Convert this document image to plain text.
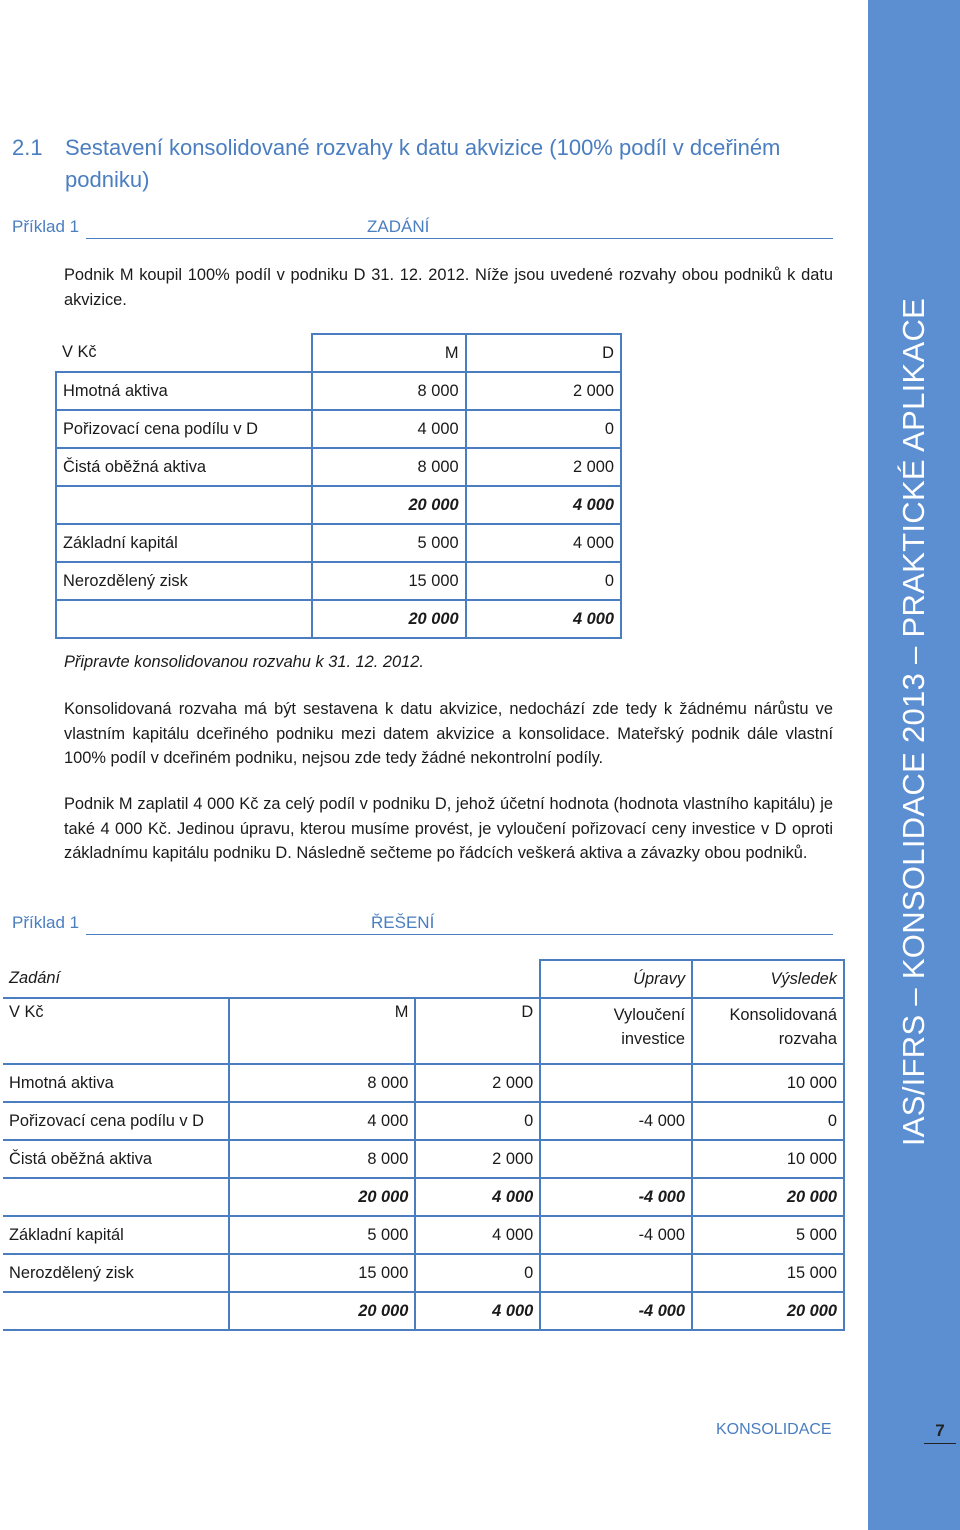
IAS/IFRS – KONSOLIDACE 2013 – PRAKTICKÉ APLIKACE
2.1 Sestavení konsolidované rozvahy k datu akvizice (100% podíl v dceřiném podniku)
Příklad 1	ZADÁNÍ
Podnik M koupil 100% podíl v podniku D 31. 12. 2012. Níže jsou uvedené rozvahy obou podniků k datu akvizice.
V Kč	M	D
Hmotná aktiva	8 000	2 000
Pořizovací cena podílu v D	4 000	0
Čistá oběžná aktiva	8 000	2 000
	20 000	4 000
Základní kapitál	5 000	4 000
Nerozdělený zisk	15 000	0
	20 000	4 000
Připravte konsolidovanou rozvahu k 31. 12. 2012.
Konsolidovaná rozvaha má být sestavena k datu akvizice, nedochází zde tedy k žádnému nárůstu ve vlastním kapitálu dceřiného podniku mezi datem akvizice a konsolidace. Mateřský podnik dále vlastní 100% podíl v dceřiném podniku, nejsou zde tedy žádné nekontrolní podíly.
Podnik M zaplatil 4 000 Kč za celý podíl v podniku D, jehož účetní hodnota (hodnota vlastního kapitálu) je také 4 000 Kč. Jedinou úpravu, kterou musíme provést, je vyloučení pořizovací ceny investice v D oproti základnímu kapitálu podniku D. Následně sečteme po řádcích veškerá aktiva a závazky obou podniků.
Příklad 1	ŘEŠENÍ
Zadání			Úpravy	Výsledek
V Kč	M	D	Vyloučení investice	Konsolidovaná rozvaha
Hmotná aktiva	8 000	2 000		10 000
Pořizovací cena podílu v D	4 000	0	-4 000	0
Čistá oběžná aktiva	8 000	2 000		10 000
	20 000	4 000	-4 000	20 000
Základní kapitál	5 000	4 000	-4 000	5 000
Nerozdělený zisk	15 000	0		15 000
	20 000	4 000	-4 000	20 000
KONSOLIDACE	7
